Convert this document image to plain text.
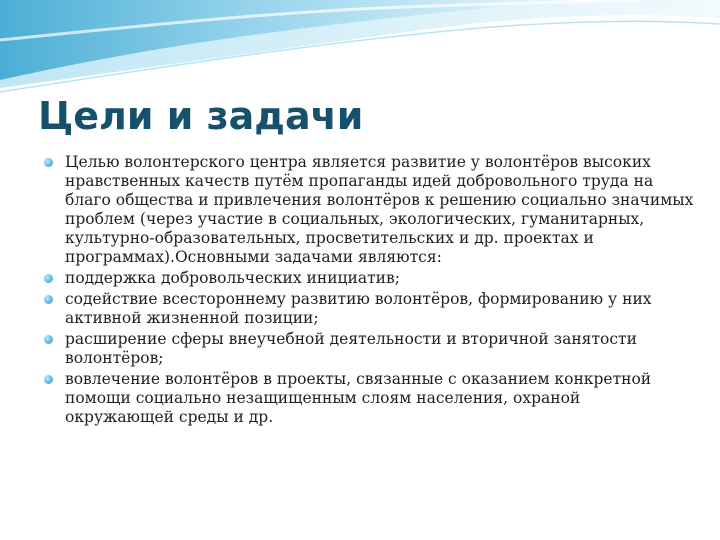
Цели и задачи
Целью волонтерского центра является развитие у волонтёров высоких нравственных качеств путём пропаганды идей добровольного труда на благо общества и привлечения волонтёров к решению социально значимых проблем (через участие в социальных, экологических, гуманитарных, культурно-образовательных, просветительских и др. проектах и программах).Основными задачами являются:
поддержка добровольческих инициатив;
содействие всестороннему развитию волонтёров, формированию у них активной жизненной позиции;
расширение сферы внеучебной деятельности и вторичной занятости волонтёров;
вовлечение волонтёров в проекты, связанные с оказанием конкретной помощи социально незащищенным слоям населения, охраной окружающей среды и др.
